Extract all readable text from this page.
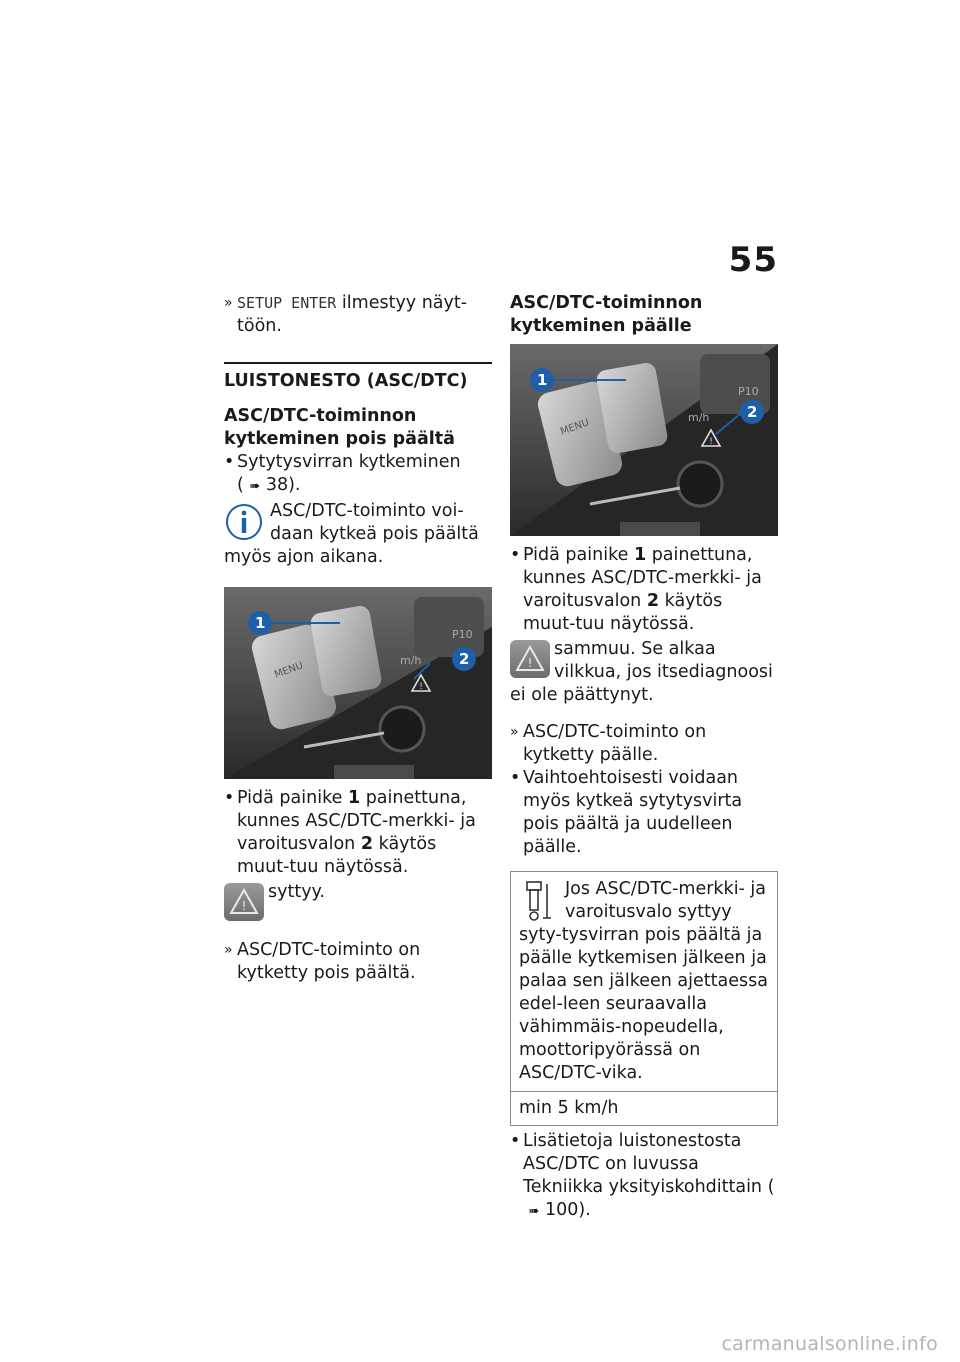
55

» SETUP ENTER ilmestyy näyt-töön.

LUISTONESTO (ASC/DTC)

ASC/DTC-toiminnon kytkeminen pois päältä

• Sytytysvirran kytkeminen
( ➠ 38).

ASC/DTC-toiminto voi-daan kytkeä pois päältä myös ajon aikana.
1
2
MENU	m/h
P10
!

• Pidä painike 1 painettuna, kunnes ASC/DTC-merkki- ja varoitusvalon 2 käytös muut-tuu näytössä.

!
syttyy.

» ASC/DTC-toiminto on kytketty pois päältä.

ASC/DTC-toiminnon kytkeminen päälle

1
2
MENU	m/h
P10
!

• Pidä painike 1 painettuna, kunnes ASC/DTC-merkki- ja varoitusvalon 2 käytös muut-tuu näytössä.

!
sammuu. Se alkaa vilkkua, jos itsediagnoosi ei ole päättynyt.

» ASC/DTC-toiminto on kytketty päälle.

• Vaihtoehtoisesti voidaan myös kytkeä sytytysvirta pois päältä ja uudelleen päälle.

Jos ASC/DTC-merkki- ja varoitusvalo syttyy syty-tysvirran pois päältä ja päälle kytkemisen jälkeen ja palaa sen jälkeen ajettaessa edel-leen seuraavalla vähimmäis-nopeudella, moottoripyörässä on ASC/DTC-vika.
min 5 km/h

• Lisätietoja luistonestosta ASC/DTC on luvussa Tekniikka yksityiskohdittain (➠ 100).

carmanualsonline.info
